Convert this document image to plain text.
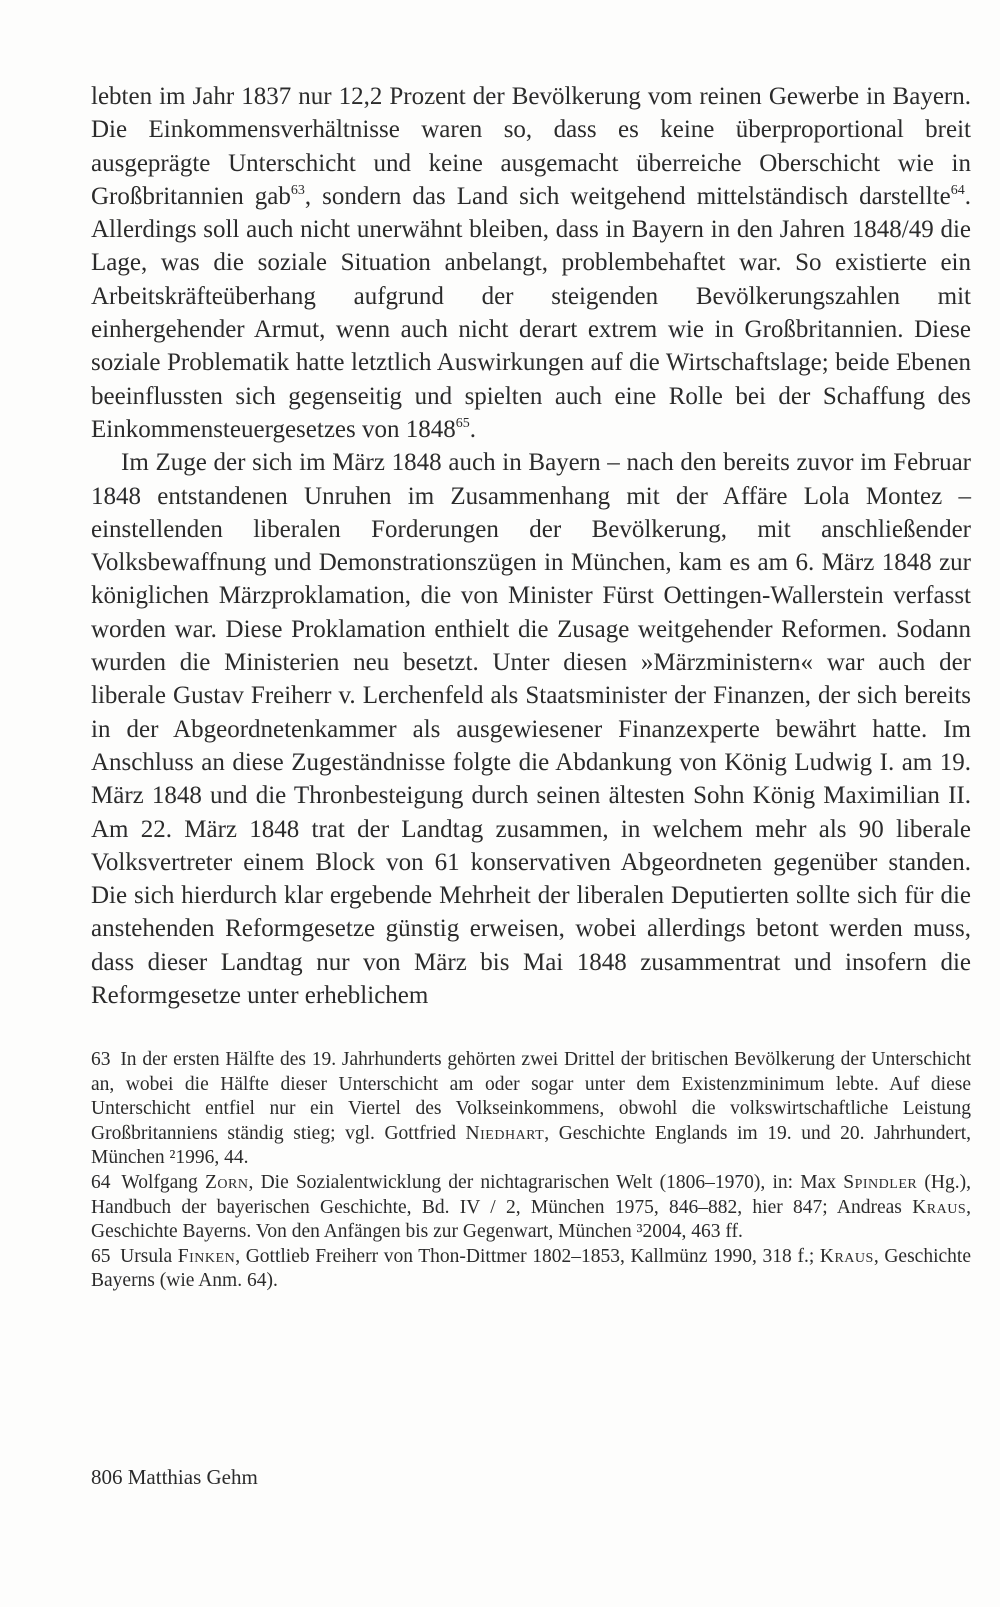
lebten im Jahr 1837 nur 12,2 Prozent der Bevölkerung vom reinen Gewerbe in Bayern. Die Einkommensverhältnisse waren so, dass es keine überproportional breit ausgeprägte Unterschicht und keine ausgemacht überreiche Oberschicht wie in Großbritannien gab$^{63}$, sondern das Land sich weitgehend mittelständisch darstellte$^{64}$. Allerdings soll auch nicht unerwähnt bleiben, dass in Bayern in den Jahren 1848/49 die Lage, was die soziale Situation anbelangt, problembehaftet war. So existierte ein Arbeitskräfteüberhang aufgrund der steigenden Bevölkerungszahlen mit einhergehender Armut, wenn auch nicht derart extrem wie in Großbritannien. Diese soziale Problematik hatte letztlich Auswirkungen auf die Wirtschaftslage; beide Ebenen beeinflussten sich gegenseitig und spielten auch eine Rolle bei der Schaffung des Einkommensteuergesetzes von 1848$^{65}$.

Im Zuge der sich im März 1848 auch in Bayern – nach den bereits zuvor im Februar 1848 entstandenen Unruhen im Zusammenhang mit der Affäre Lola Montez – einstellenden liberalen Forderungen der Bevölkerung, mit anschließender Volksbewaffnung und Demonstrationszügen in München, kam es am 6. März 1848 zur königlichen Märzproklamation, die von Minister Fürst Oettingen-Wallerstein verfasst worden war. Diese Proklamation enthielt die Zusage weitgehender Reformen. Sodann wurden die Ministerien neu besetzt. Unter diesen »Märzministern« war auch der liberale Gustav Freiherr v. Lerchenfeld als Staatsminister der Finanzen, der sich bereits in der Abgeordnetenkammer als ausgewiesener Finanzexperte bewährt hatte. Im Anschluss an diese Zugeständnisse folgte die Abdankung von König Ludwig I. am 19. März 1848 und die Thronbesteigung durch seinen ältesten Sohn König Maximilian II. Am 22. März 1848 trat der Landtag zusammen, in welchem mehr als 90 liberale Volksvertreter einem Block von 61 konservativen Abgeordneten gegenüber standen. Die sich hierdurch klar ergebende Mehrheit der liberalen Deputierten sollte sich für die anstehenden Reformgesetze günstig erweisen, wobei allerdings betont werden muss, dass dieser Landtag nur von März bis Mai 1848 zusammentrat und insofern die Reformgesetze unter erheblichem

63 In der ersten Hälfte des 19. Jahrhunderts gehörten zwei Drittel der britischen Bevölkerung der Unterschicht an, wobei die Hälfte dieser Unterschicht am oder sogar unter dem Existenzminimum lebte. Auf diese Unterschicht entfiel nur ein Viertel des Volkseinkommens, obwohl die volkswirtschaftliche Leistung Großbritanniens ständig stieg; vgl. Gottfried Niedhart, Geschichte Englands im 19. und 20. Jahrhundert, München ²1996, 44.

64 Wolfgang Zorn, Die Sozialentwicklung der nichtagrarischen Welt (1806–1970), in: Max Spindler (Hg.), Handbuch der bayerischen Geschichte, Bd. IV / 2, München 1975, 846–882, hier 847; Andreas Kraus, Geschichte Bayerns. Von den Anfängen bis zur Gegenwart, München ³2004, 463 ff.

65 Ursula Finken, Gottlieb Freiherr von Thon-Dittmer 1802–1853, Kallmünz 1990, 318 f.; Kraus, Geschichte Bayerns (wie Anm. 64).

806 Matthias Gehm
